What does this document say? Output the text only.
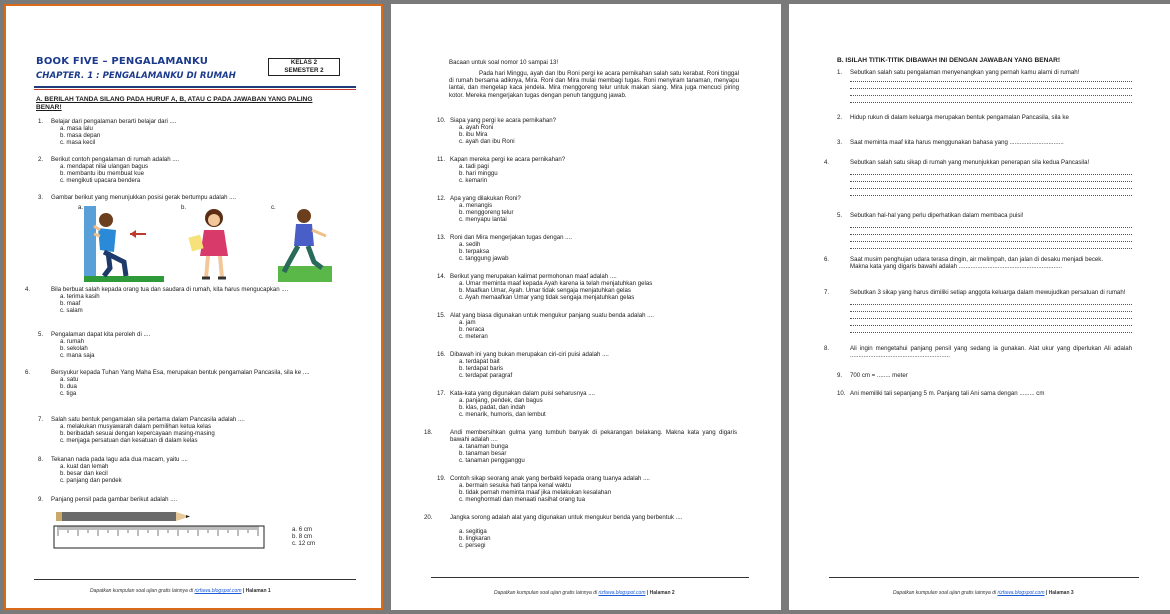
BOOK FIVE – PENGALAMANKU
CHAPTER. 1 : PENGALAMANKU DI RUMAH
KELAS 2
SEMESTER 2
A. BERILAH TANDA SILANG PADA HURUF A, B, ATAU C PADA JAWABAN YANG PALING BENAR!
1. Belajar dari pengalaman berarti belajar dari ....
a. masa lalu
b. masa depan
c. masa kecil
2. Berikut contoh pengalaman di rumah adalah ....
a. mendapat nilai ulangan bagus
b. membantu ibu membuat kue
c. mengikuti upacara bendera
3. Gambar berikut yang menunjukkan posisi gerak bertumpu adalah ....
a.	b.	c.
4.	Bila berbuat salah kepada orang tua dan saudara di rumah, kita harus mengucapkan ....
a. terima kasih
b. maaf
c. salam
5. Pengalaman dapat kita peroleh di ....
a. rumah
b. sekolah
c. mana saja
6.	Bersyukur kepada Tuhan Yang Maha Esa, merupakan bentuk pengamalan Pancasila, sila ke ....
a. satu
b. dua
c. tiga
7. Salah satu bentuk pengamalan sila pertama dalam Pancasila adalah ....
a. melakukan musyawarah dalam pemilihan ketua kelas
b. beribadah sesuai dengan kepercayaan masing-masing
c. menjaga persatuan dan kesatuan di dalam kelas
8. Tekanan nada pada lagu ada dua macam, yaitu ....
a. kuat dan lemah
b. besar dan kecil
c. panjang dan pendek
9. Panjang pensil pada gambar berikut adalah ....
a. 6 cm
b. 8 cm
c. 12 cm
Dapatkan kumpulan soal ujian gratis lainnya di rizfawa.blogspot.com | Halaman 1
Bacaan untuk soal nomor 10 sampai 13!
Pada hari Minggu, ayah dan Ibu Roni pergi ke acara pernikahan salah satu kerabat. Roni tinggal di rumah bersama adiknya, Mira. Roni dan Mira mulai membagi tugas. Roni menyiram tanaman, menyapu lantai, dan mengelap kaca jendela. Mira menggoreng telur untuk makan siang. Mira juga mencuci piring kotor. Mereka mengerjakan tugas dengan penuh tanggung jawab.
10. Siapa yang pergi ke acara pernikahan?
a. ayah Roni
b. ibu Mira
c. ayah dan ibu Roni
11. Kapan mereka pergi ke acara pernikahan?
a. tadi pagi
b. hari minggu
c. kemarin
12. Apa yang dilakukan Roni?
a. menangis
b. menggoreng telur
c. menyapu lantai
13. Roni dan Mira mengerjakan tugas dengan ....
a. sedih
b. terpaksa
c. tanggung jawab
14. Berikut yang merupakan kalimat permohonan maaf adalah ....
a. Umar meminta maaf kepada Ayah karena ia telah menjatuhkan gelas
b. Maafkan Umar, Ayah. Umar tidak sengaja menjatuhkan gelas
c. Ayah memaafkan Umar yang tidak sengaja menjatuhkan gelas
15. Alat yang biasa digunakan untuk mengukur panjang suatu benda adalah ....
a. jam
b. neraca
c. meteran
16. Dibawah ini yang bukan merupakan ciri-ciri puisi adalah ....
a. terdapat bait
b. terdapat baris
c. terdapat paragraf
17. Kata-kata yang digunakan dalam puisi seharusnya ....
a. panjang, pendek, dan bagus
b. klas, padat, dan indah
c. menarik, humoris, dan lembut
18.	Andi membersihkan gulma yang tumbuh banyak di pekarangan belakang. Makna kata yang digaris bawahi adalah ....
a. tanaman bunga
b. tanaman besar
c. tanaman pengganggu
19. Contoh sikap seorang anak yang berbakti kepada orang tuanya adalah ....
a. bermain sesuka hati tanpa kenal waktu
b. tidak pernah meminta maaf jika melakukan kesalahan
c. menghormati dan menaati nasihat orang tua
20.	Jangka sorong adalah alat yang digunakan untuk mengukur benda yang berbentuk ....
a. segitiga
b. lingkaran
c. persegi
Dapatkan kumpulan soal ujian gratis lainnya di rizfawa.blogspot.com | Halaman 2
B. ISILAH TITIK-TITIK DIBAWAH INI DENGAN JAWABAN YANG BENAR!
1. Sebutkan salah satu pengalaman menyenangkan yang pernah kamu alami di rumah!
2. Hidup rukun di dalam keluarga merupakan bentuk pengamalan Pancasila, sila ke
3. Saat meminta maaf kita harus menggunakan bahasa yang ................................
4.	Sebutkan salah satu sikap di rumah yang menunjukkan penerapan sila kedua Pancasila!
5. Sebutkan hal-hal yang perlu diperhatikan dalam membaca puisi!
6.	Saat musim penghujan udara terasa dingin, air melimpah, dan jalan di desaku menjadi becek.
Makna kata yang digaris bawahi adalah .............................................................
7.	Sebutkan 3 sikap yang harus dimiliki setiap anggota keluarga dalam mewujudkan persatuan di rumah!
8.	Ali ingin mengetahui panjang pensil yang sedang ia gunakan. Alat ukur yang diperlukan Ali adalah ...........................................................
9. 700 cm = ........ meter
10. Ani memiliki tali sepanjang 5 m. Panjang tali Ani sama dengan ......... cm
Dapatkan kumpulan soal ujian gratis lainnya di rizfawa.blogspot.com | Halaman 3
